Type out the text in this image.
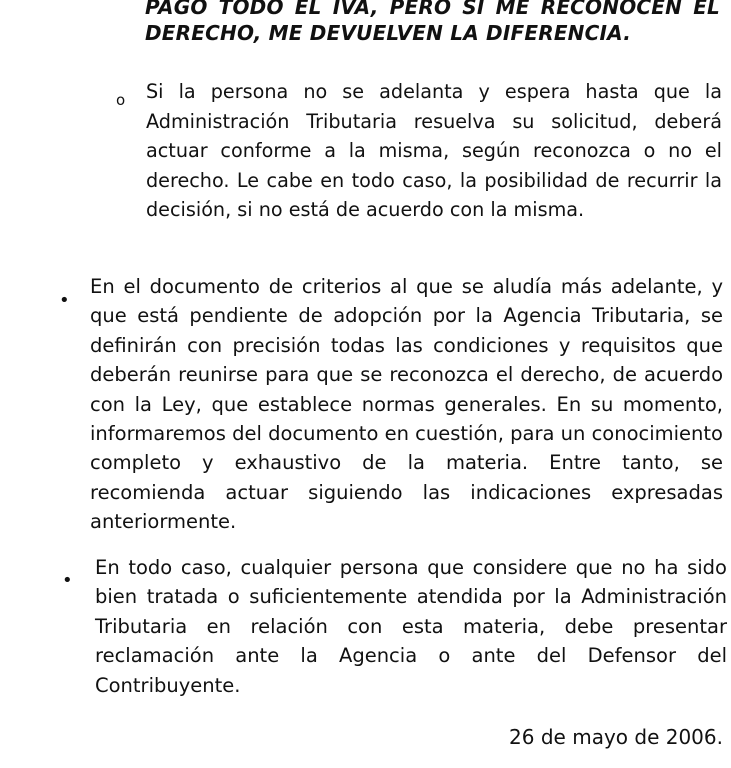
PAGO TODO EL IVA, PERO SI ME RECONOCEN EL DERECHO, ME DEVUELVEN LA DIFERENCIA.
o Si la persona no se adelanta y espera hasta que la Administración Tributaria resuelva su solicitud, deberá actuar conforme a la misma, según reconozca o no el derecho. Le cabe en todo caso, la posibilidad de recurrir la decisión, si no está de acuerdo con la misma.
•
En el documento de criterios al que se aludía más adelante, y que está pendiente de adopción por la Agencia Tributaria, se definirán con precisión todas las condiciones y requisitos que deberán reunirse para que se reconozca el derecho, de acuerdo con la Ley, que establece normas generales. En su momento, informaremos del documento en cuestión, para un conocimiento completo y exhaustivo de la materia. Entre tanto, se recomienda actuar siguiendo las indicaciones expresadas anteriormente.
•
En todo caso, cualquier persona que considere que no ha sido bien tratada o suficientemente atendida por la Administración Tributaria en relación con esta materia, debe presentar reclamación ante la Agencia o ante del Defensor del Contribuyente.
26 de mayo de 2006.
